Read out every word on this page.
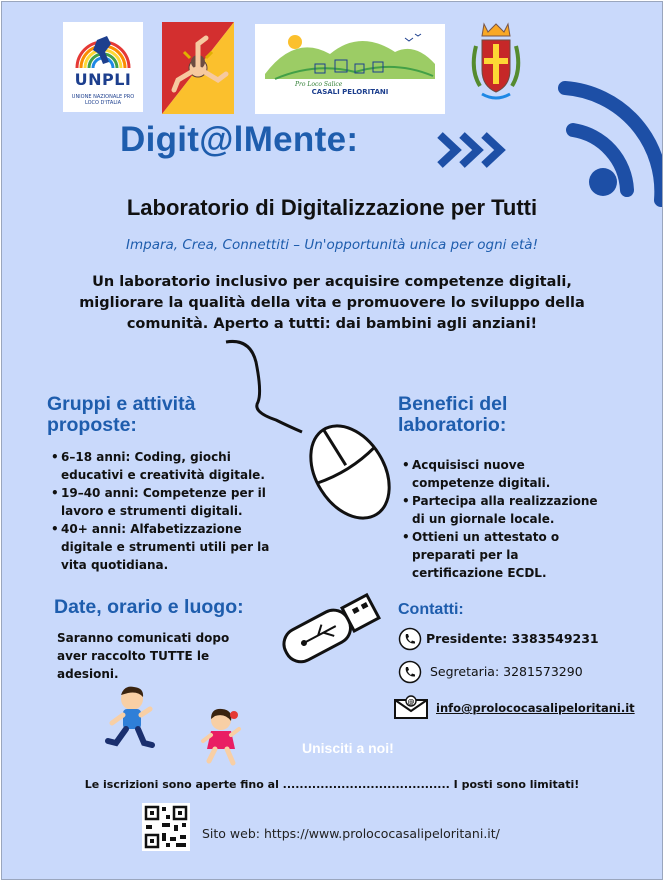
UNPLI
UNIONE NAZIONALE PRO LOCO D'ITALIA
Pro Loco Salice
CASALI PELORITANI
Digit@lMente:
Laboratorio di Digitalizzazione per Tutti
Impara, Crea, Connettiti – Un'opportunità unica per ogni età!
Un laboratorio inclusivo per acquisire competenze digitali,
migliorare la qualità della vita e promuovere lo sviluppo della
comunità. Aperto a tutti: dai bambini agli anziani!
Gruppi e attività
proposte:
• 6–18 anni: Coding, giochi
educativi e creatività digitale.
• 19–40 anni: Competenze per il
lavoro e strumenti digitali.
• 40+ anni: Alfabetizzazione
digitale e strumenti utili per la
vita quotidiana.
Benefici del
laboratorio:
• Acquisisci nuove
competenze digitali.
• Partecipa alla realizzazione
di un giornale locale.
• Ottieni un attestato o
preparati per la
certificazione ECDL.
Date, orario e luogo:
Saranno comunicati dopo
aver raccolto TUTTE le
adesioni.
Contatti:
Presidente: 3383549231
Segretaria: 3281573290
@ info@prolococasalipeloritani.it
Unisciti a noi!
Le iscrizioni sono aperte fino al ........................................ I posti sono limitati!
Sito web: https://www.prolococasalipeloritani.it/
